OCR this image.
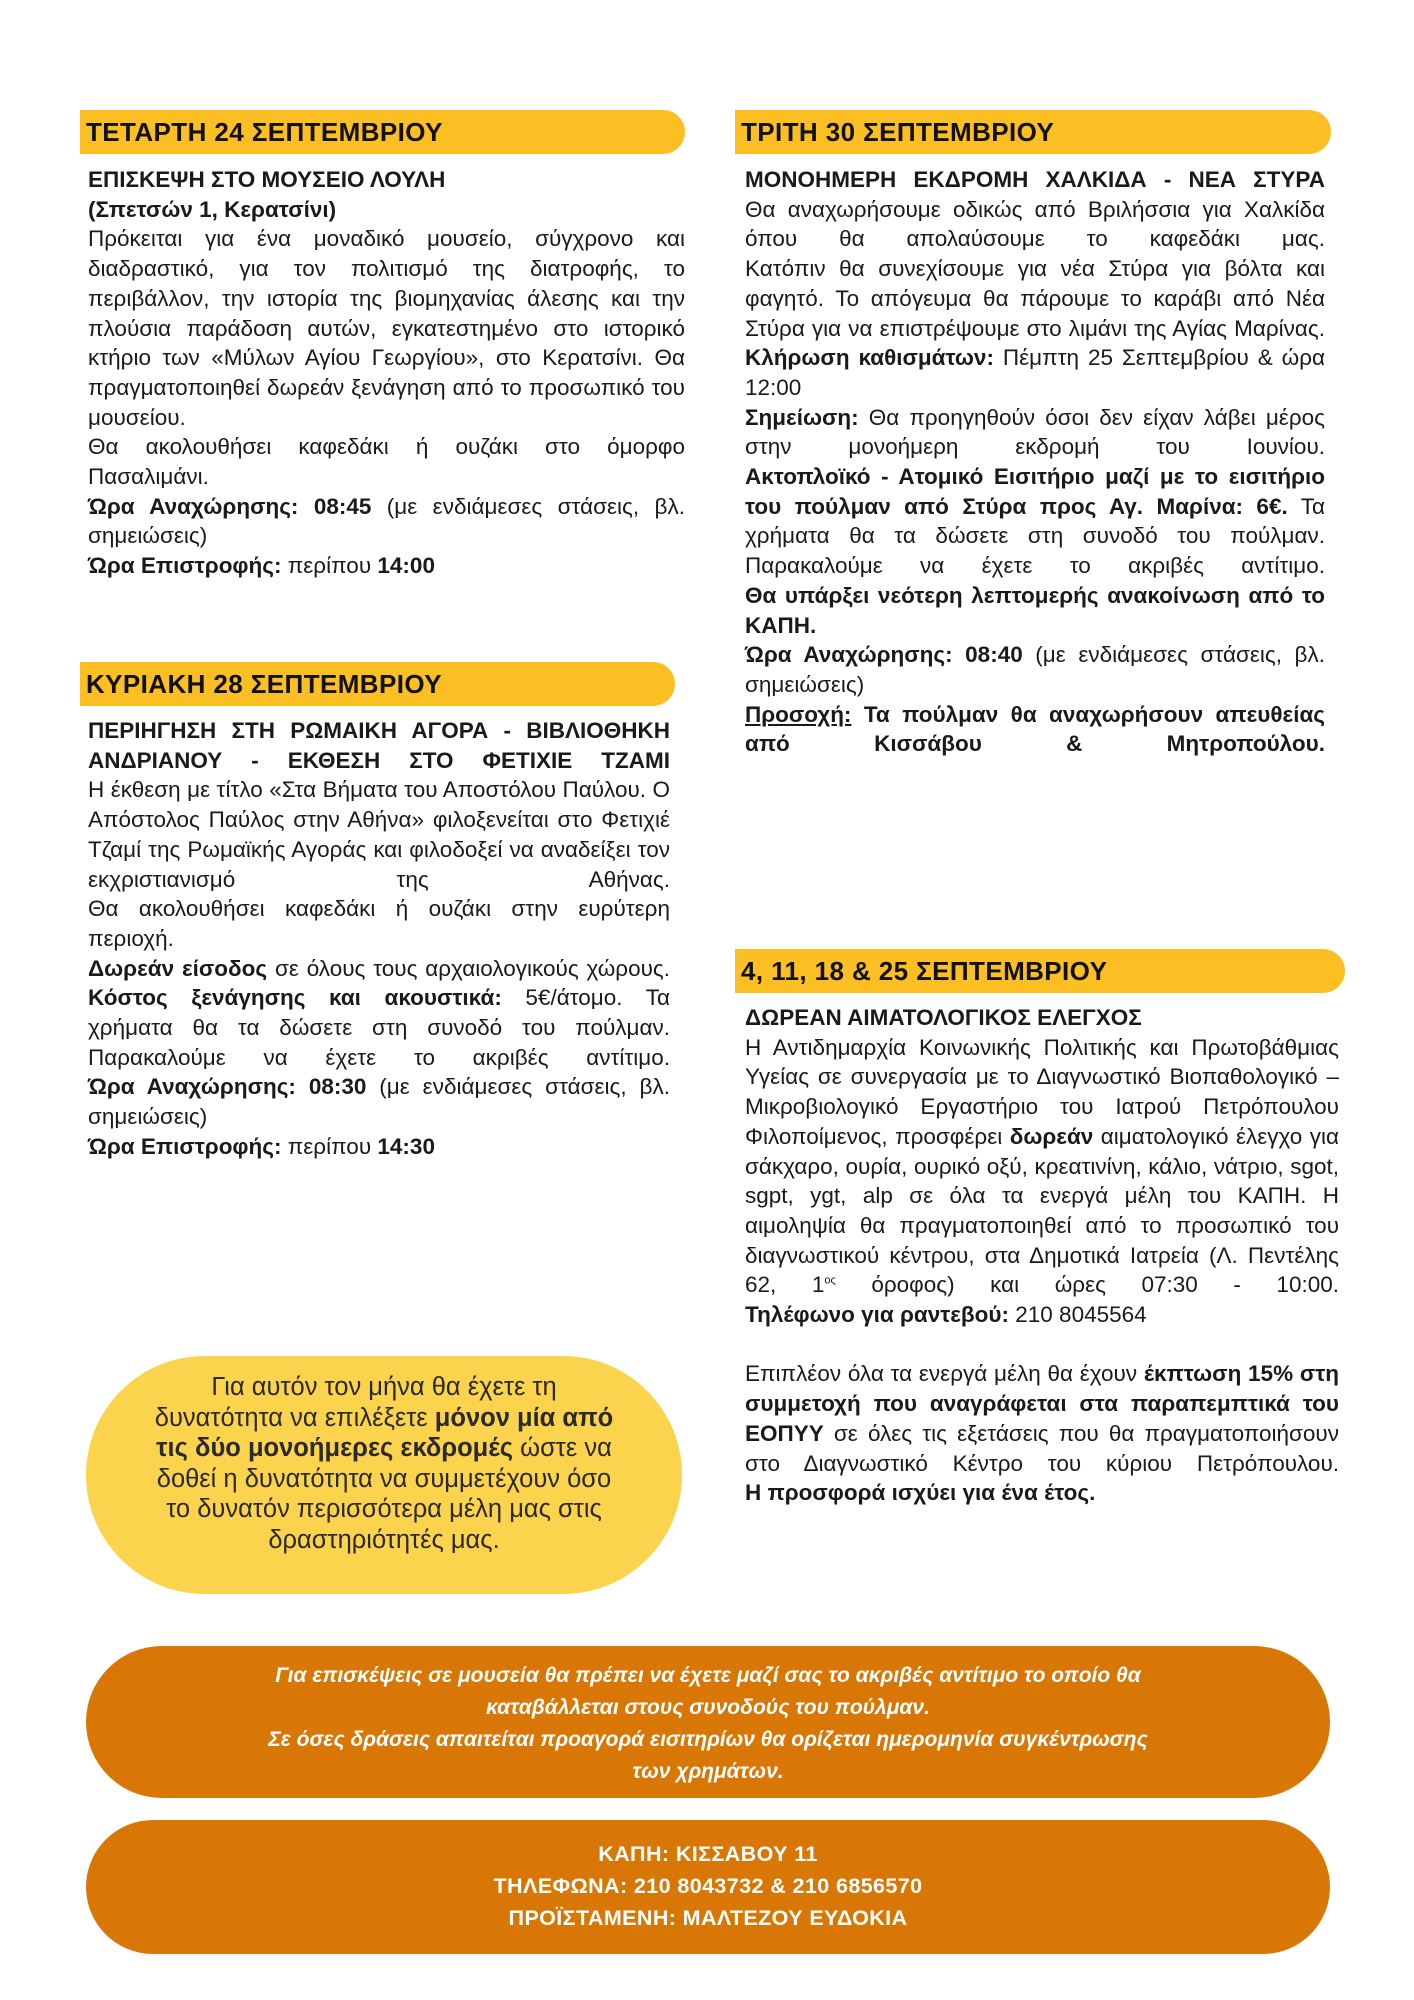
ΤΕΤΑΡΤΗ 24 ΣΕΠΤΕΜΒΡΙΟΥ

ΕΠΙΣΚΕΨΗ ΣΤΟ ΜΟΥΣΕΙΟ ΛΟΥΛΗ

(Σπετσών 1, Κερατσίνι)

Πρόκειται για ένα μοναδικό μουσείο, σύγχρονο και διαδραστικό, για τον πολιτισμό της διατροφής, το περιβάλλον, την ιστορία της βιομηχανίας άλεσης και την πλούσια παράδοση αυτών, εγκατεστημένο στο ιστορικό κτήριο των «Μύλων Αγίου Γεωργίου», στο Κερατσίνι. Θα πραγματοποιηθεί δωρεάν ξενάγηση από το προσωπικό του μουσείου.

Θα ακολουθήσει καφεδάκι ή ουζάκι στο όμορφο Πασαλιμάνι.

Ώρα Αναχώρησης: 08:45 (με ενδιάμεσες στάσεις, βλ. σημειώσεις)

Ώρα Επιστροφής: περίπου 14:00

ΚΥΡΙΑΚΗ 28 ΣΕΠΤΕΜΒΡΙΟΥ

ΠΕΡΙΗΓΗΣΗ ΣΤΗ ΡΩΜΑΙΚΗ ΑΓΟΡΑ - ΒΙΒΛΙΟΘΗΚΗ ΑΝΔΡΙΑΝΟΥ - ΕΚΘΕΣΗ ΣΤΟ ΦΕΤΙΧΙΕ ΤΖΑΜΙ

Η έκθεση με τίτλο «Στα Βήματα του Αποστόλου Παύλου. Ο Απόστολος Παύλος στην Αθήνα» φιλοξενείται στο Φετιχιέ Τζαμί της Ρωμαϊκής Αγοράς και φιλοδοξεί να αναδείξει τον εκχριστιανισμό της Αθήνας.

Θα ακολουθήσει καφεδάκι ή ουζάκι στην ευρύτερη περιοχή.

Δωρεάν είσοδος σε όλους τους αρχαιολογικούς χώρους.

Κόστος ξενάγησης και ακουστικά: 5€/άτομο. Τα χρήματα θα τα δώσετε στη συνοδό του πούλμαν. Παρακαλούμε να έχετε το ακριβές αντίτιμο.

Ώρα Αναχώρησης: 08:30 (με ενδιάμεσες στάσεις, βλ. σημειώσεις)

Ώρα Επιστροφής: περίπου 14:30

Για αυτόν τον μήνα θα έχετε τη δυνατότητα να επιλέξετε μόνον μία από τις δύο μονοήμερες εκδρομές ώστε να δοθεί η δυνατότητα να συμμετέχουν όσο το δυνατόν περισσότερα μέλη μας στις δραστηριότητές μας.
ΤΡΙΤΗ 30 ΣΕΠΤΕΜΒΡΙΟΥ

ΜΟΝΟΗΜΕΡΗ ΕΚΔΡΟΜΗ ΧΑΛΚΙΔΑ - ΝΕΑ ΣΤΥΡΑ

Θα αναχωρήσουμε οδικώς από Βριλήσσια για Χαλκίδα όπου θα απολαύσουμε το καφεδάκι μας.

Κατόπιν θα συνεχίσουμε για νέα Στύρα για βόλτα και φαγητό. Το απόγευμα θα πάρουμε το καράβι από Νέα Στύρα για να επιστρέψουμε στο λιμάνι της Αγίας Μαρίνας.

Κλήρωση καθισμάτων: Πέμπτη 25 Σεπτεμβρίου & ώρα 12:00

Σημείωση: Θα προηγηθούν όσοι δεν είχαν λάβει μέρος στην μονοήμερη εκδρομή του Ιουνίου.

Ακτοπλοϊκό - Ατομικό Εισιτήριο μαζί με το εισιτήριο του πούλμαν από Στύρα προς Αγ. Μαρίνα: 6€. Τα χρήματα θα τα δώσετε στη συνοδό του πούλμαν. Παρακαλούμε να έχετε το ακριβές αντίτιμο.

Θα υπάρξει νεότερη λεπτομερής ανακοίνωση από το ΚΑΠΗ.

Ώρα Αναχώρησης: 08:40 (με ενδιάμεσες στάσεις, βλ. σημειώσεις)

Προσοχή: Τα πούλμαν θα αναχωρήσουν απευθείας από Κισσάβου & Μητροπούλου.

4, 11, 18 & 25 ΣΕΠΤΕΜΒΡΙΟΥ

ΔΩΡΕΑΝ ΑΙΜΑΤΟΛΟΓΙΚΟΣ ΕΛΕΓΧΟΣ

Η Αντιδημαρχία Κοινωνικής Πολιτικής και Πρωτοβάθμιας Υγείας σε συνεργασία με το Διαγνωστικό Βιοπαθολογικό – Μικροβιολογικό Εργαστήριο του Ιατρού Πετρόπουλου Φιλοποίμενος, προσφέρει δωρεάν αιματολογικό έλεγχο για σάκχαρο, ουρία, ουρικό οξύ, κρεατινίνη, κάλιο, νάτριο, sgot, sgpt, ygt, alp σε όλα τα ενεργά μέλη του ΚΑΠΗ. Η αιμοληψία θα πραγματοποιηθεί από το προσωπικό του διαγνωστικού κέντρου, στα Δημοτικά Ιατρεία (Λ. Πεντέλης 62, $1^{o\varsigma}$ όροφος) και ώρες 07:30 - 10:00.

Τηλέφωνο για ραντεβού: 210 8045564

Επιπλέον όλα τα ενεργά μέλη θα έχουν έκπτωση 15% στη συμμετοχή που αναγράφεται στα παραπεμπτικά του ΕΟΠΥΥ σε όλες τις εξετάσεις που θα πραγματοποιήσουν στο Διαγνωστικό Κέντρο του κύριου Πετρόπουλου.

Η προσφορά ισχύει για ένα έτος.

Για επισκέψεις σε μουσεία θα πρέπει να έχετε μαζί σας το ακριβές αντίτιμο το οποίο θα
καταβάλλεται στους συνοδούς του πούλμαν.
Σε όσες δράσεις απαιτείται προαγορά εισιτηρίων θα ορίζεται ημερομηνία συγκέντρωσης
των χρημάτων.
ΚΑΠΗ: ΚΙΣΣΑΒΟΥ 11
ΤΗΛΕΦΩΝΑ: 210 8043732 & 210 6856570
ΠΡΟΪΣΤΑΜΕΝΗ: ΜΑΛΤΕΖΟΥ ΕΥΔΟΚΙΑ
